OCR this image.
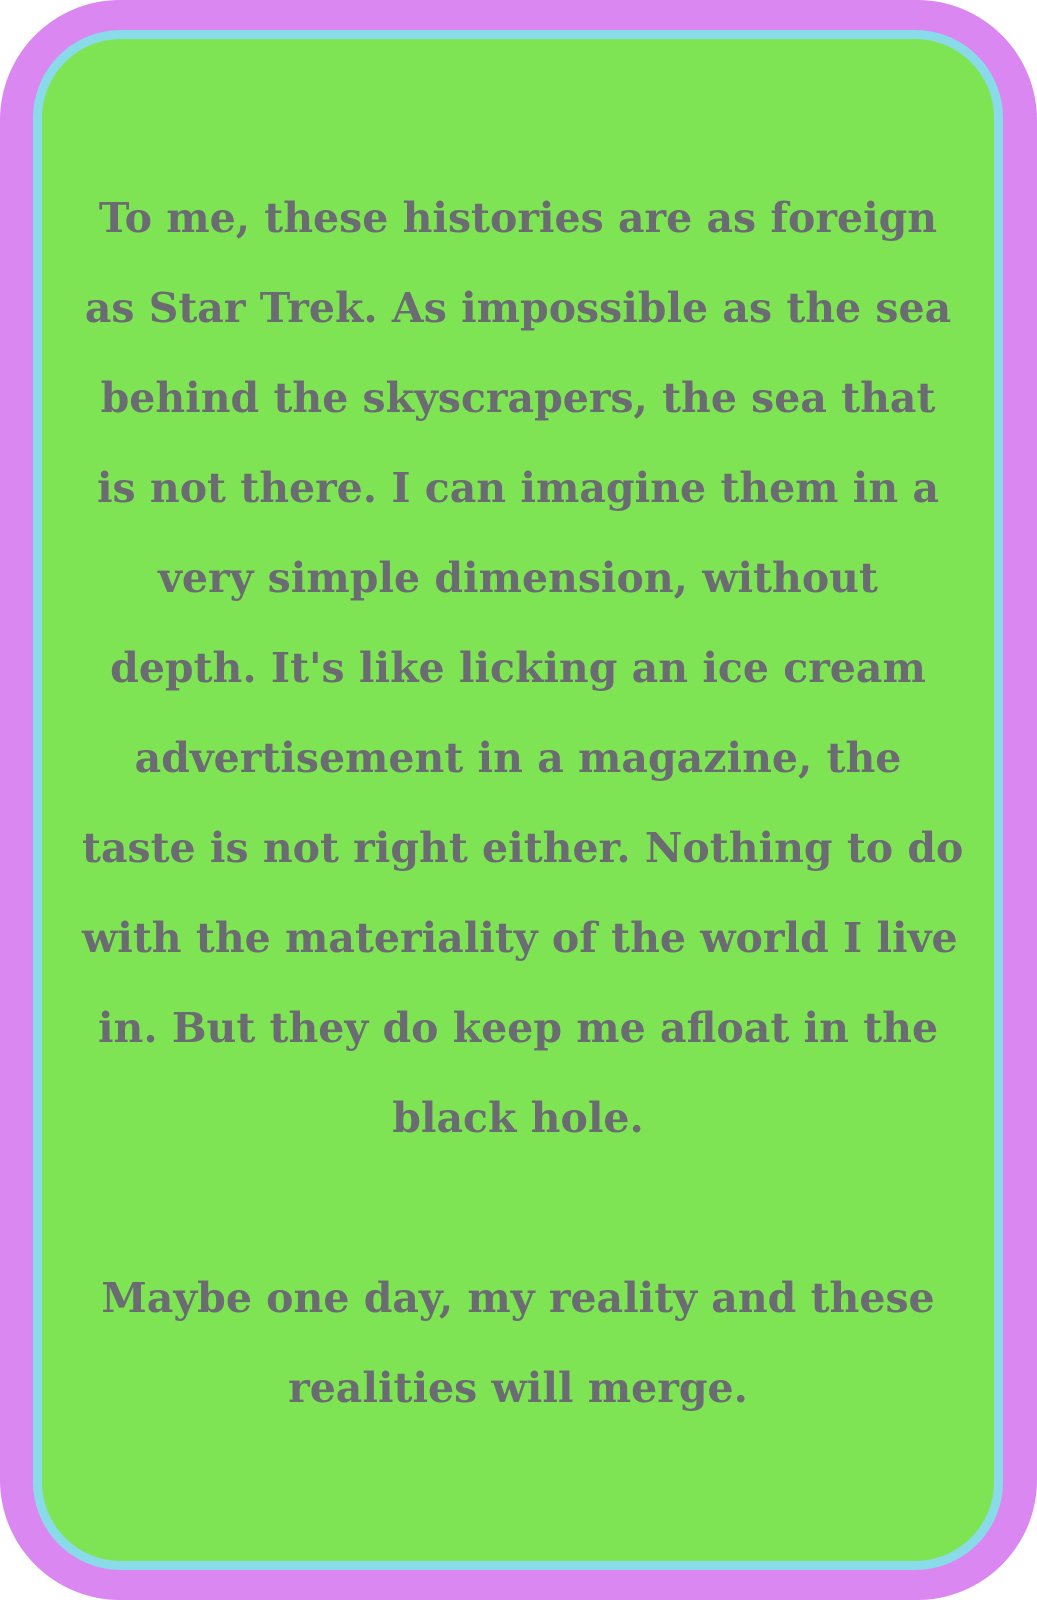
To me, these histories are as foreign
as Star Trek. As impossible as the sea
behind the skyscrapers, the sea that
is not there. I can imagine them in a
very simple dimension, without
depth. It's like licking an ice cream
advertisement in a magazine, the
taste is not right either. Nothing to do
with the materiality of the world I live
in. But they do keep me afloat in the
black hole.

Maybe one day, my reality and these
realities will merge.
